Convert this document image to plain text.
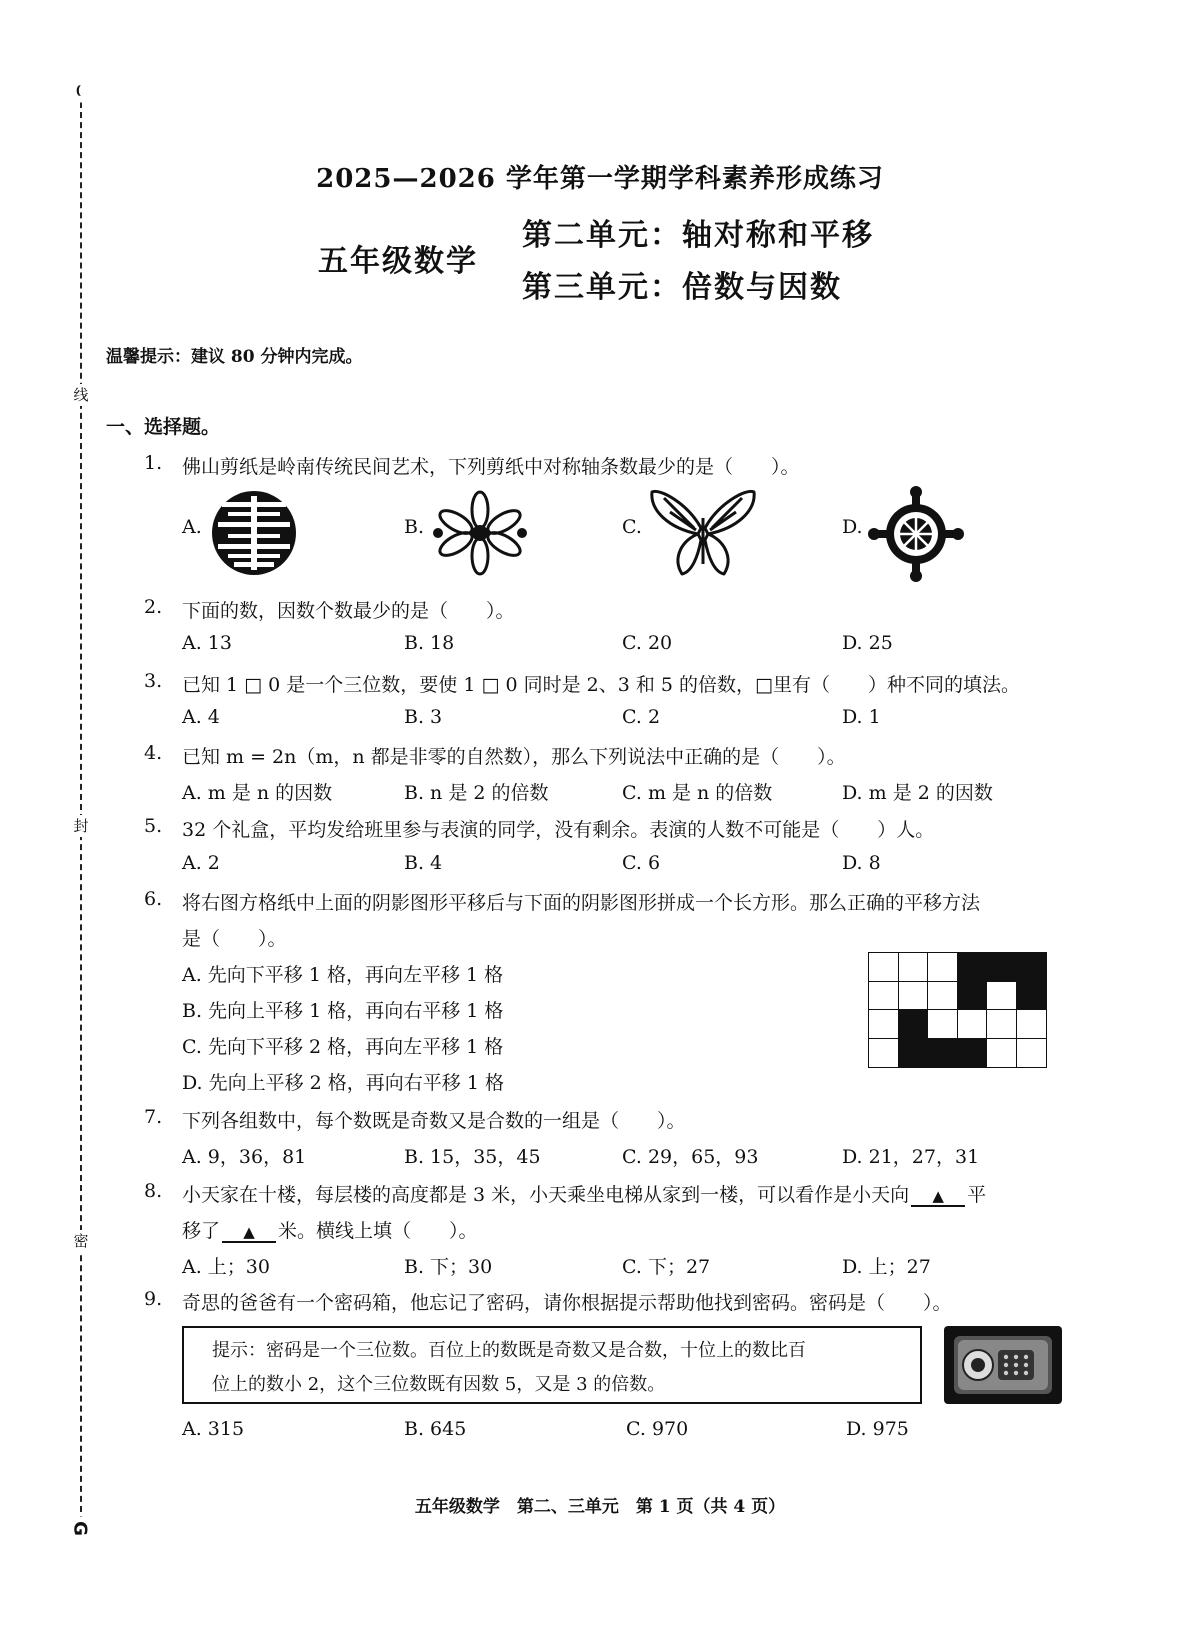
⌣
线
封
密
G
2025—2026 学年第一学期学科素养形成练习
五年级数学
第二单元：轴对称和平移
第三单元：倍数与因数
温馨提示：建议 80 分钟内完成。
一、选择题。
1. 佛山剪纸是岭南传统民间艺术，下列剪纸中对称轴条数最少的是（　　）。
A.	B.	C.	D.
2. 下面的数，因数个数最少的是（　　）。
A. 13	B. 18	C. 20	D. 25
3. 已知 1 □ 0 是一个三位数，要使 1 □ 0 同时是 2、3 和 5 的倍数，□里有（　　）种不同的填法。
A. 4	B. 3	C. 2	D. 1
4. 已知 m = 2n（m，n 都是非零的自然数），那么下列说法中正确的是（　　）。
A. m 是 n 的因数	B. n 是 2 的倍数	C. m 是 n 的倍数	D. m 是 2 的因数
5. 32 个礼盒，平均发给班里参与表演的同学，没有剩余。表演的人数不可能是（　　）人。
A. 2	B. 4	C. 6	D. 8
6. 将右图方格纸中上面的阴影图形平移后与下面的阴影图形拼成一个长方形。那么正确的平移方法
是（　　）。
A. 先向下平移 1 格，再向左平移 1 格
B. 先向上平移 1 格，再向右平移 1 格
C. 先向下平移 2 格，再向左平移 1 格
D. 先向上平移 2 格，再向右平移 1 格
7. 下列各组数中，每个数既是奇数又是合数的一组是（　　）。
A. 9，36，81	B. 15，35，45	C. 29，65，93	D. 21，27，31
8. 小天家在十楼，每层楼的高度都是 3 米，小天乘坐电梯从家到一楼，可以看作是小天向 ▲ 平
移了 ▲ 米。横线上填（　　）。
A. 上；30	B. 下；30	C. 下；27	D. 上；27
9. 奇思的爸爸有一个密码箱，他忘记了密码，请你根据提示帮助他找到密码。密码是（　　）。
提示：密码是一个三位数。百位上的数既是奇数又是合数，十位上的数比百
位上的数小 2，这个三位数既有因数 5，又是 3 的倍数。
A. 315	B. 645	C. 970	D. 975
五年级数学　第二、三单元　第 1 页（共 4 页）
